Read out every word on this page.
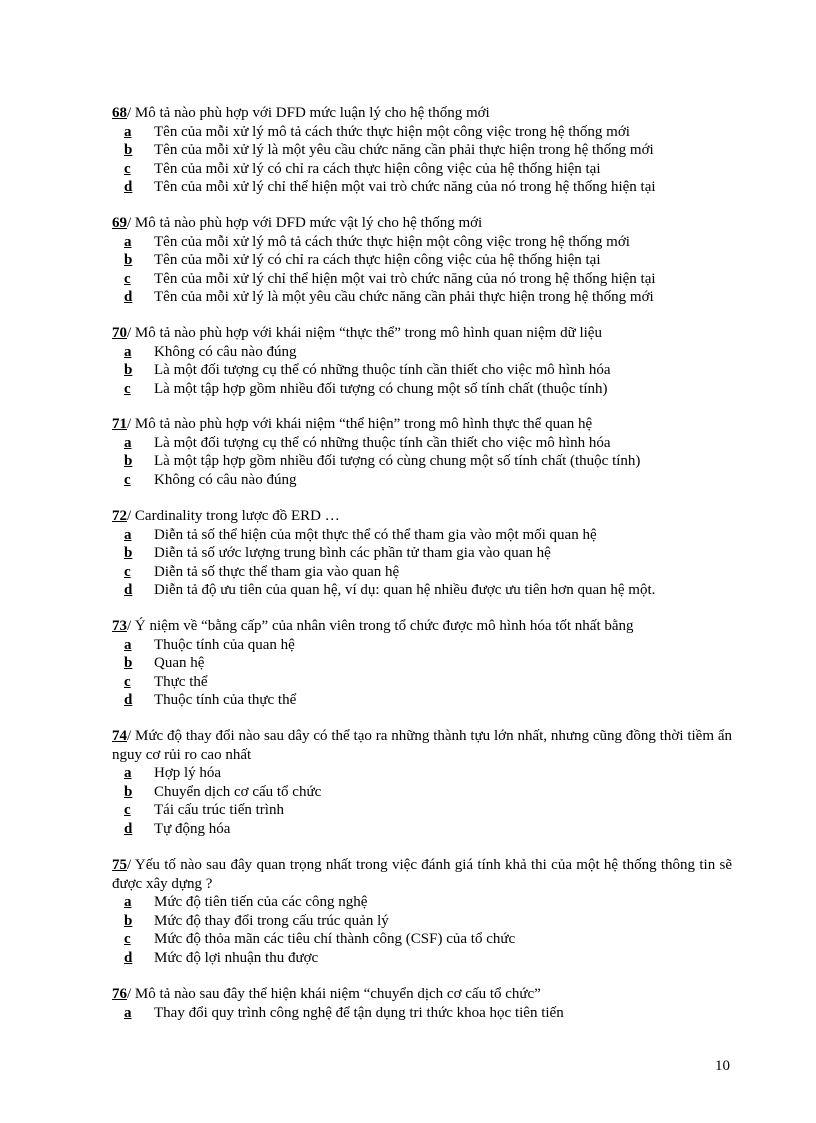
68/ Mô tả nào phù hợp với DFD mức luận lý cho hệ thống mới
a	Tên của mỗi xử lý mô tả cách thức thực hiện một công việc trong hệ thống mới
b	Tên của mỗi xử lý là một yêu cầu chức năng cần phải thực hiện trong hệ thống mới
c	Tên của mỗi xử lý có chỉ ra cách thực hiện công việc của hệ thống hiện tại
d	Tên của mỗi xử lý chỉ thể hiện một vai trò chức năng của nó trong hệ thống hiện tại
69/ Mô tả nào phù hợp với DFD mức vật lý cho hệ thống mới
a	Tên của mỗi xử lý mô tả cách thức thực hiện một công việc trong hệ thống mới
b	Tên của mỗi xử lý có chỉ ra cách thực hiện công việc của hệ thống hiện tại
c	Tên của mỗi xử lý chỉ thể hiện một vai trò chức năng của nó trong hệ thống hiện tại
d	Tên của mỗi xử lý là một yêu cầu chức năng cần phải thực hiện trong hệ thống mới
70/ Mô tả nào phù hợp với khái niệm “thực thể” trong mô hình quan niệm dữ liệu
a	Không có câu nào đúng
b	Là một đối tượng cụ thể có những thuộc tính cần thiết cho việc mô hình hóa
c	Là một tập hợp gồm nhiều đối tượng có chung một số tính chất (thuộc tính)
71/ Mô tả nào phù hợp với khái niệm “thể hiện” trong mô hình thực thể quan hệ
a	Là một đối tượng cụ thể có những thuộc tính cần thiết cho việc mô hình hóa
b	Là một tập hợp gồm nhiều đối tượng có cùng chung một số tính chất (thuộc tính)
c	Không có câu nào đúng
72/ Cardinality trong lược đồ ERD …
a	Diễn tả số thể hiện của một thực thể có thể tham gia vào một mối quan hệ
b	Diễn tả số ước lượng trung bình các phần tử tham gia vào quan hệ
c	Diễn tả số thực thể tham gia vào quan hệ
d	Diễn tả độ ưu tiên của quan hệ, ví dụ: quan hệ nhiều được ưu tiên hơn quan hệ một.
73/ Ý niệm về “bằng cấp” của nhân viên trong tổ chức được mô hình hóa tốt nhất bằng
a	Thuộc tính của quan hệ
b	Quan hệ
c	Thực thể
d	Thuộc tính của thực thể
74/ Mức độ thay đổi nào sau dây có thể tạo ra những thành tựu lớn nhất, nhưng cũng đồng thời tiềm ẩn nguy cơ rủi ro cao nhất
a	Hợp lý hóa
b	Chuyển dịch cơ cấu tổ chức
c	Tái cấu trúc tiến trình
d	Tự động hóa
75/ Yếu tố nào sau đây quan trọng nhất trong việc đánh giá tính khả thi của một hệ thống thông tin sẽ được xây dựng ?
a	Mức độ tiên tiến của các công nghệ
b	Mức độ thay đổi trong cấu trúc quản lý
c	Mức độ thỏa mãn các tiêu chí thành công (CSF) của tổ chức
d	Mức độ lợi nhuận thu được
76/ Mô tả nào sau đây thể hiện khái niệm “chuyển dịch cơ cấu tổ chức”
a	Thay đổi quy trình công nghệ để tận dụng tri thức khoa học tiên tiến
10
